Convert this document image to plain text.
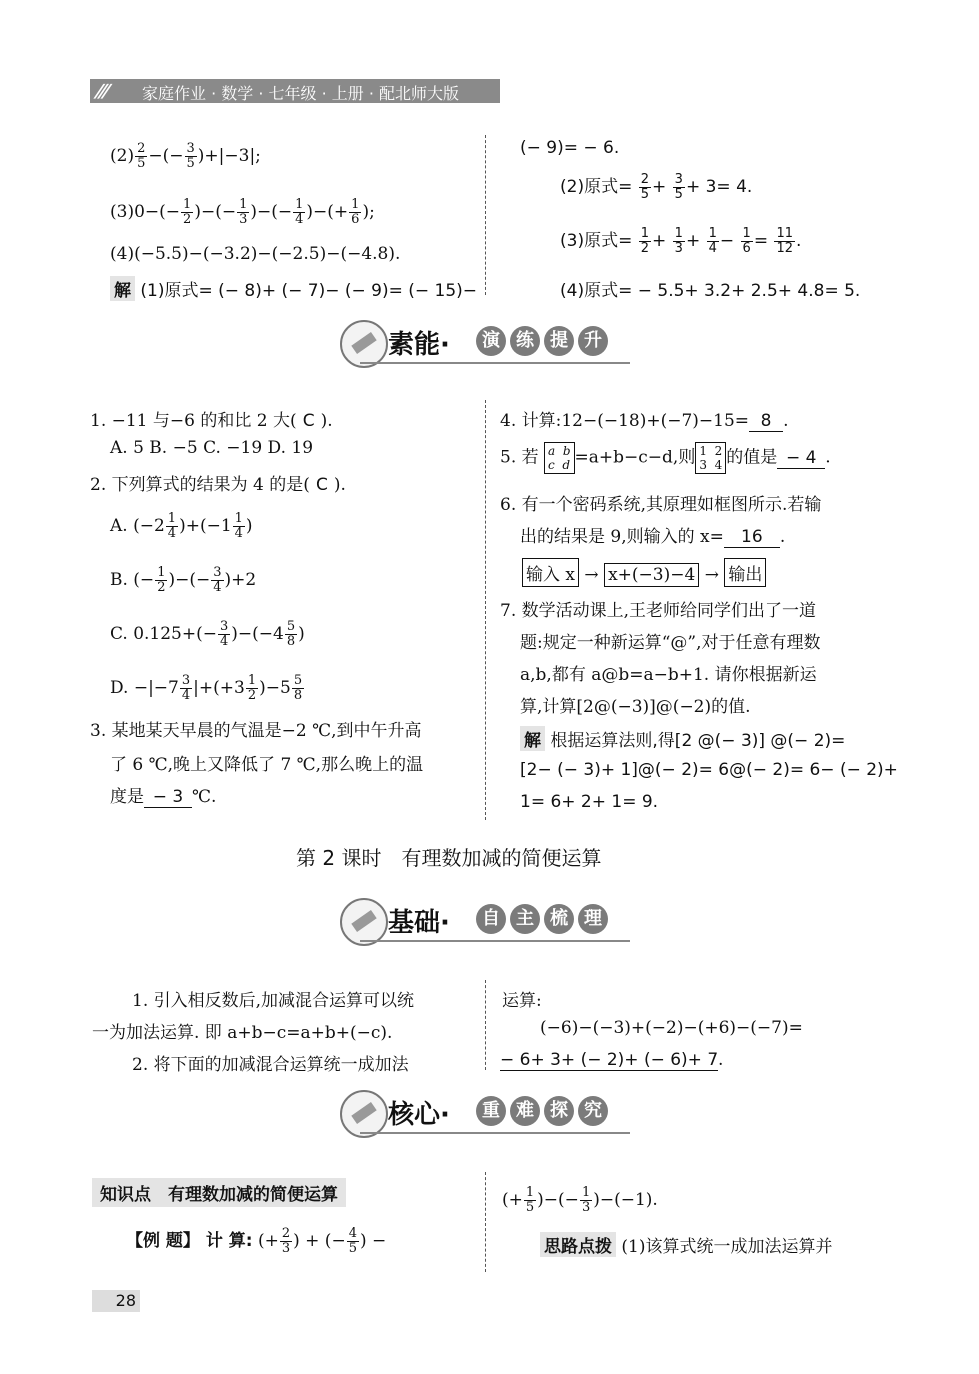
/// 家庭作业 · 数学 · 七年级 · 上册 · 配北师大版
$(2) \frac{2}{5}$ −(− $\frac{3}{5} )+|-3|$;
$(3)0-(- \frac{1}{2}$ )−(− $\frac{1}{3}$ )−(− $\frac{1}{4}$ )−(+ $\frac{1}{6}$ );
(4)(−5.5)−(−3.2)−(−2.5)−(−4.8).
解 (1)原式= (− 8)+ (− 7)− (− 9)= (− 15)−
(− 9)= − 6.
(2)原式= $\frac{2}{5} + \frac{3}{5} + 3= 4$.
(3)原式= $\frac{1}{2} + \frac{1}{3} + \frac{1}{4} - \frac{1}{6} = \frac{11}{12}$ .
(4)原式= − 5.5+ 3.2+ 2.5+ 4.8= 5.
素能·	演 练 提 升
1. −11 与−6 的和比 2 大( C ).
A. 5 B. −5 C. −19 D. 19
2. 下列算式的结果为 4 的是( C ).
A. $(-2 \frac{1}{4} )+(-1 \frac{1}{4}$ )
B. (− $\frac{1}{2}$ )−(− $\frac{3}{4} )+2$
C. $0.125+(- \frac{3}{4} )-(-4 \frac{5}{8}$ )
D. $-|-7 \frac{3}{4} |+(+3 \frac{1}{2} )-5 \frac{5}{8}$
3. 某地某天早晨的气温是−2 ℃,到中午升高
了 6 ℃,晚上又降低了 7 ℃,那么晚上的温
度是 − 3 ℃.
4. 计算:12−(−18)+(−7)−15= 8 .
5. 若 a b
c d =a+b−c−d,则 1  2
3  4 的值是 − 4 .
6. 有一个密码系统,其原理如框图所示.若输
出的结果是 9,则输入的 x= 16 .
输入 x → x+(−3)−4 → 输出
7. 数学活动课上,王老师给同学们出了一道
题:规定一种新运算“@”,对于任意有理数
a,b,都有 a@b=a−b+1. 请你根据新运
算,计算[2@(−3)]@(−2)的值.
解 根据运算法则,得[2 @(− 3)] @(− 2)=
[2− (− 3)+ 1]@(− 2)= 6@(− 2)= 6− (− 2)+
1= 6+ 2+ 1= 9.
第 2 课时　有理数加减的简便运算
基础·	自 主 梳 理
1. 引入相反数后,加减混合运算可以统
一为加法运算. 即 a+b−c=a+b+(−c).
2. 将下面的加减混合运算统一成加法
运算:
(−6)−(−3)+(−2)−(+6)−(−7)=
− 6+ 3+ (− 2)+ (− 6)+ 7.
核心·	重 难 探 究
知识点　有理数加减的简便运算
【例 题】 计 算: (+ $\frac{2}{3}$ ) + (− $\frac{4}{5}$ ) −
(+ $\frac{1}{5}$ )−(− $\frac{1}{3} )-(-1)$.
思路点拨 (1)该算式统一成加法运算并
28
